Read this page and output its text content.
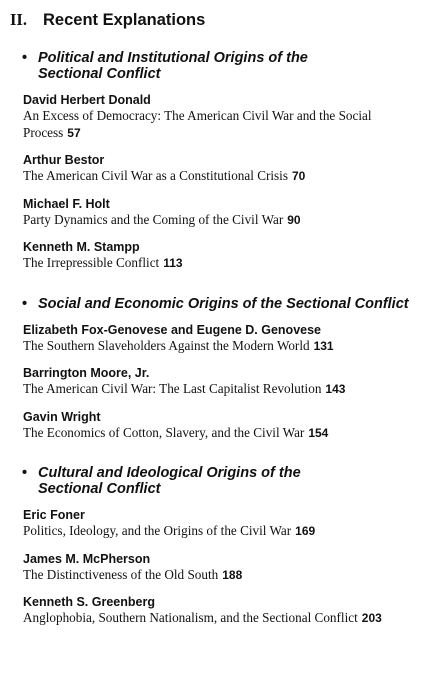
II. Recent Explanations
• Political and Institutional Origins of the
Sectional Conflict
David Herbert Donald
An Excess of Democracy: The American Civil War and the Social Process 57
Arthur Bestor
The American Civil War as a Constitutional Crisis 70
Michael F. Holt
Party Dynamics and the Coming of the Civil War 90
Kenneth M. Stampp
The Irrepressible Conflict 113
• Social and Economic Origins of the Sectional Conflict
Elizabeth Fox-Genovese and Eugene D. Genovese
The Southern Slaveholders Against the Modern World 131
Barrington Moore, Jr.
The American Civil War: The Last Capitalist Revolution 143
Gavin Wright
The Economics of Cotton, Slavery, and the Civil War 154
• Cultural and Ideological Origins of the
Sectional Conflict
Eric Foner
Politics, Ideology, and the Origins of the Civil War 169
James M. McPherson
The Distinctiveness of the Old South 188
Kenneth S. Greenberg
Anglophobia, Southern Nationalism, and the Sectional Conflict 203
